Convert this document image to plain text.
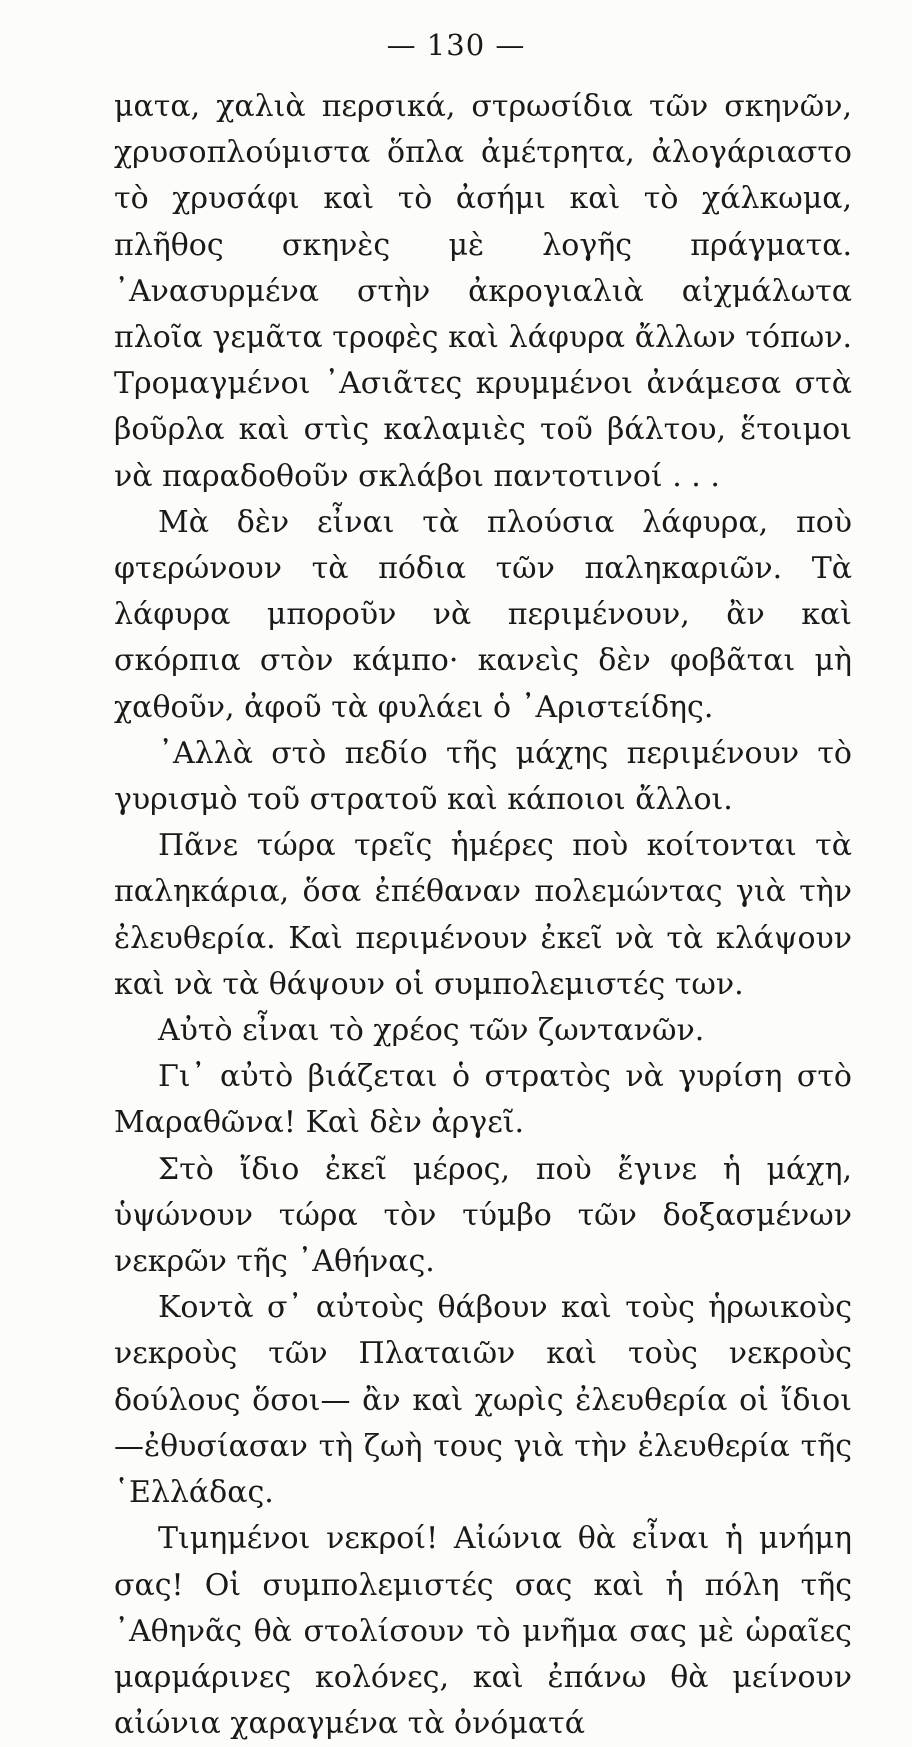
— 130 —

ματα, χαλιὰ περσικά, στρωσίδια τῶν σκηνῶν, χρυσοπλούμιστα ὅπλα ἀμέτρητα, ἀλογάριαστο τὸ χρυσάφι καὶ τὸ ἀσήμι καὶ τὸ χάλκωμα, πλῆθος σκηνὲς μὲ λογῆς πράγματα. ᾿Ανασυρμένα στὴν ἀκρογιαλιὰ αἰχμάλωτα πλοῖα γεμᾶτα τροφὲς καὶ λάφυρα ἄλλων τόπων. Τρομαγμένοι ᾿Ασιᾶτες κρυμμένοι ἀνάμεσα στὰ βοῦρλα καὶ στὶς καλαμιὲς τοῦ βάλτου, ἕτοιμοι νὰ παραδοθοῦν σκλάβοι παντοτινοί . . .

Μὰ δὲν εἶναι τὰ πλούσια λάφυρα, ποὺ φτερώνουν τὰ πόδια τῶν παληκαριῶν. Τὰ λάφυρα μποροῦν νὰ περιμένουν, ἂν καὶ σκόρπια στὸν κάμπο· κανεὶς δὲν φοβᾶται μὴ χαθοῦν, ἀφοῦ τὰ φυλάει ὁ ᾿Αριστείδης.

᾿Αλλὰ στὸ πεδίο τῆς μάχης περιμένουν τὸ γυρισμὸ τοῦ στρατοῦ καὶ κάποιοι ἄλλοι.

Πᾶνε τώρα τρεῖς ἡμέρες ποὺ κοίτονται τὰ παληκάρια, ὅσα ἐπέθαναν πολεμώντας γιὰ τὴν ἐλευθερία. Καὶ περιμένουν ἐκεῖ νὰ τὰ κλάψουν καὶ νὰ τὰ θάψουν οἱ συμπολεμιστές των.

Αὐτὸ εἶναι τὸ χρέος τῶν ζωντανῶν.

Γι᾿ αὐτὸ βιάζεται ὁ στρατὸς νὰ γυρίση στὸ Μαραθῶνα! Καὶ δὲν ἀργεῖ.

Στὸ ἴδιο ἐκεῖ μέρος, ποὺ ἔγινε ἡ μάχη, ὑψώνουν τώρα τὸν τύμβο τῶν δοξασμένων νεκρῶν τῆς ᾿Αθήνας.

Κοντὰ σ᾿ αὐτοὺς θάβουν καὶ τοὺς ἡρωικοὺς νεκροὺς τῶν Πλαταιῶν καὶ τοὺς νεκροὺς δούλους ὅσοι— ἂν καὶ χωρὶς ἐλευθερία οἱ ἴδιοι—ἐθυσίασαν τὴ ζωὴ τους γιὰ τὴν ἐλευθερία τῆς ῾Ελλάδας.

Τιμημένοι νεκροί! Αἰώνια θὰ εἶναι ἡ μνήμη σας! Οἱ συμπολεμιστές σας καὶ ἡ πόλη τῆς ᾿Αθηνᾶς θὰ στολίσουν τὸ μνῆμα σας μὲ ὡραῖες μαρμάρινες κολόνες, καὶ ἐπάνω θὰ μείνουν αἰώνια χαραγμένα τὰ ὀνόματά
